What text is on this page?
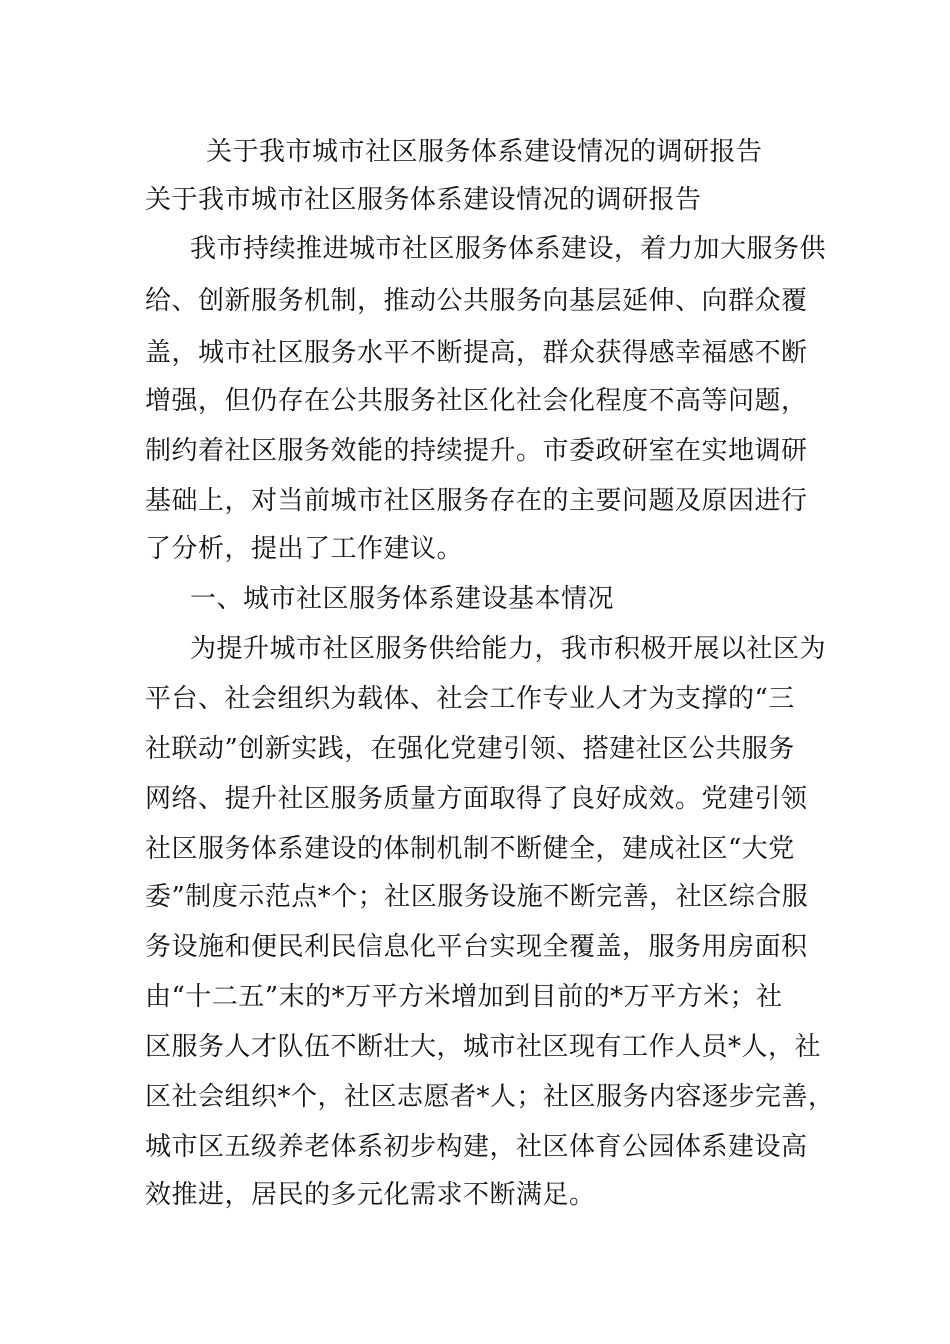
关于我市城市社区服务体系建设情况的调研报告
关于我市城市社区服务体系建设情况的调研报告
我市持续推进城市社区服务体系建设，着力加大服务供
给、创新服务机制，推动公共服务向基层延伸、向群众覆
盖，城市社区服务水平不断提高，群众获得感幸福感不断
增强，但仍存在公共服务社区化社会化程度不高等问题，
制约着社区服务效能的持续提升。市委政研室在实地调研
基础上，对当前城市社区服务存在的主要问题及原因进行
了分析，提出了工作建议。
一、城市社区服务体系建设基本情况
为提升城市社区服务供给能力，我市积极开展以社区为
平台、社会组织为载体、社会工作专业人才为支撑的“三
社联动”创新实践，在强化党建引领、搭建社区公共服务
网络、提升社区服务质量方面取得了良好成效。党建引领
社区服务体系建设的体制机制不断健全，建成社区“大党
委”制度示范点*个；社区服务设施不断完善，社区综合服
务设施和便民利民信息化平台实现全覆盖，服务用房面积
由“十二五”末的*万平方米增加到目前的*万平方米；社
区服务人才队伍不断壮大，城市社区现有工作人员*人，社
区社会组织*个，社区志愿者*人；社区服务内容逐步完善，
城市区五级养老体系初步构建，社区体育公园体系建设高
效推进，居民的多元化需求不断满足。
